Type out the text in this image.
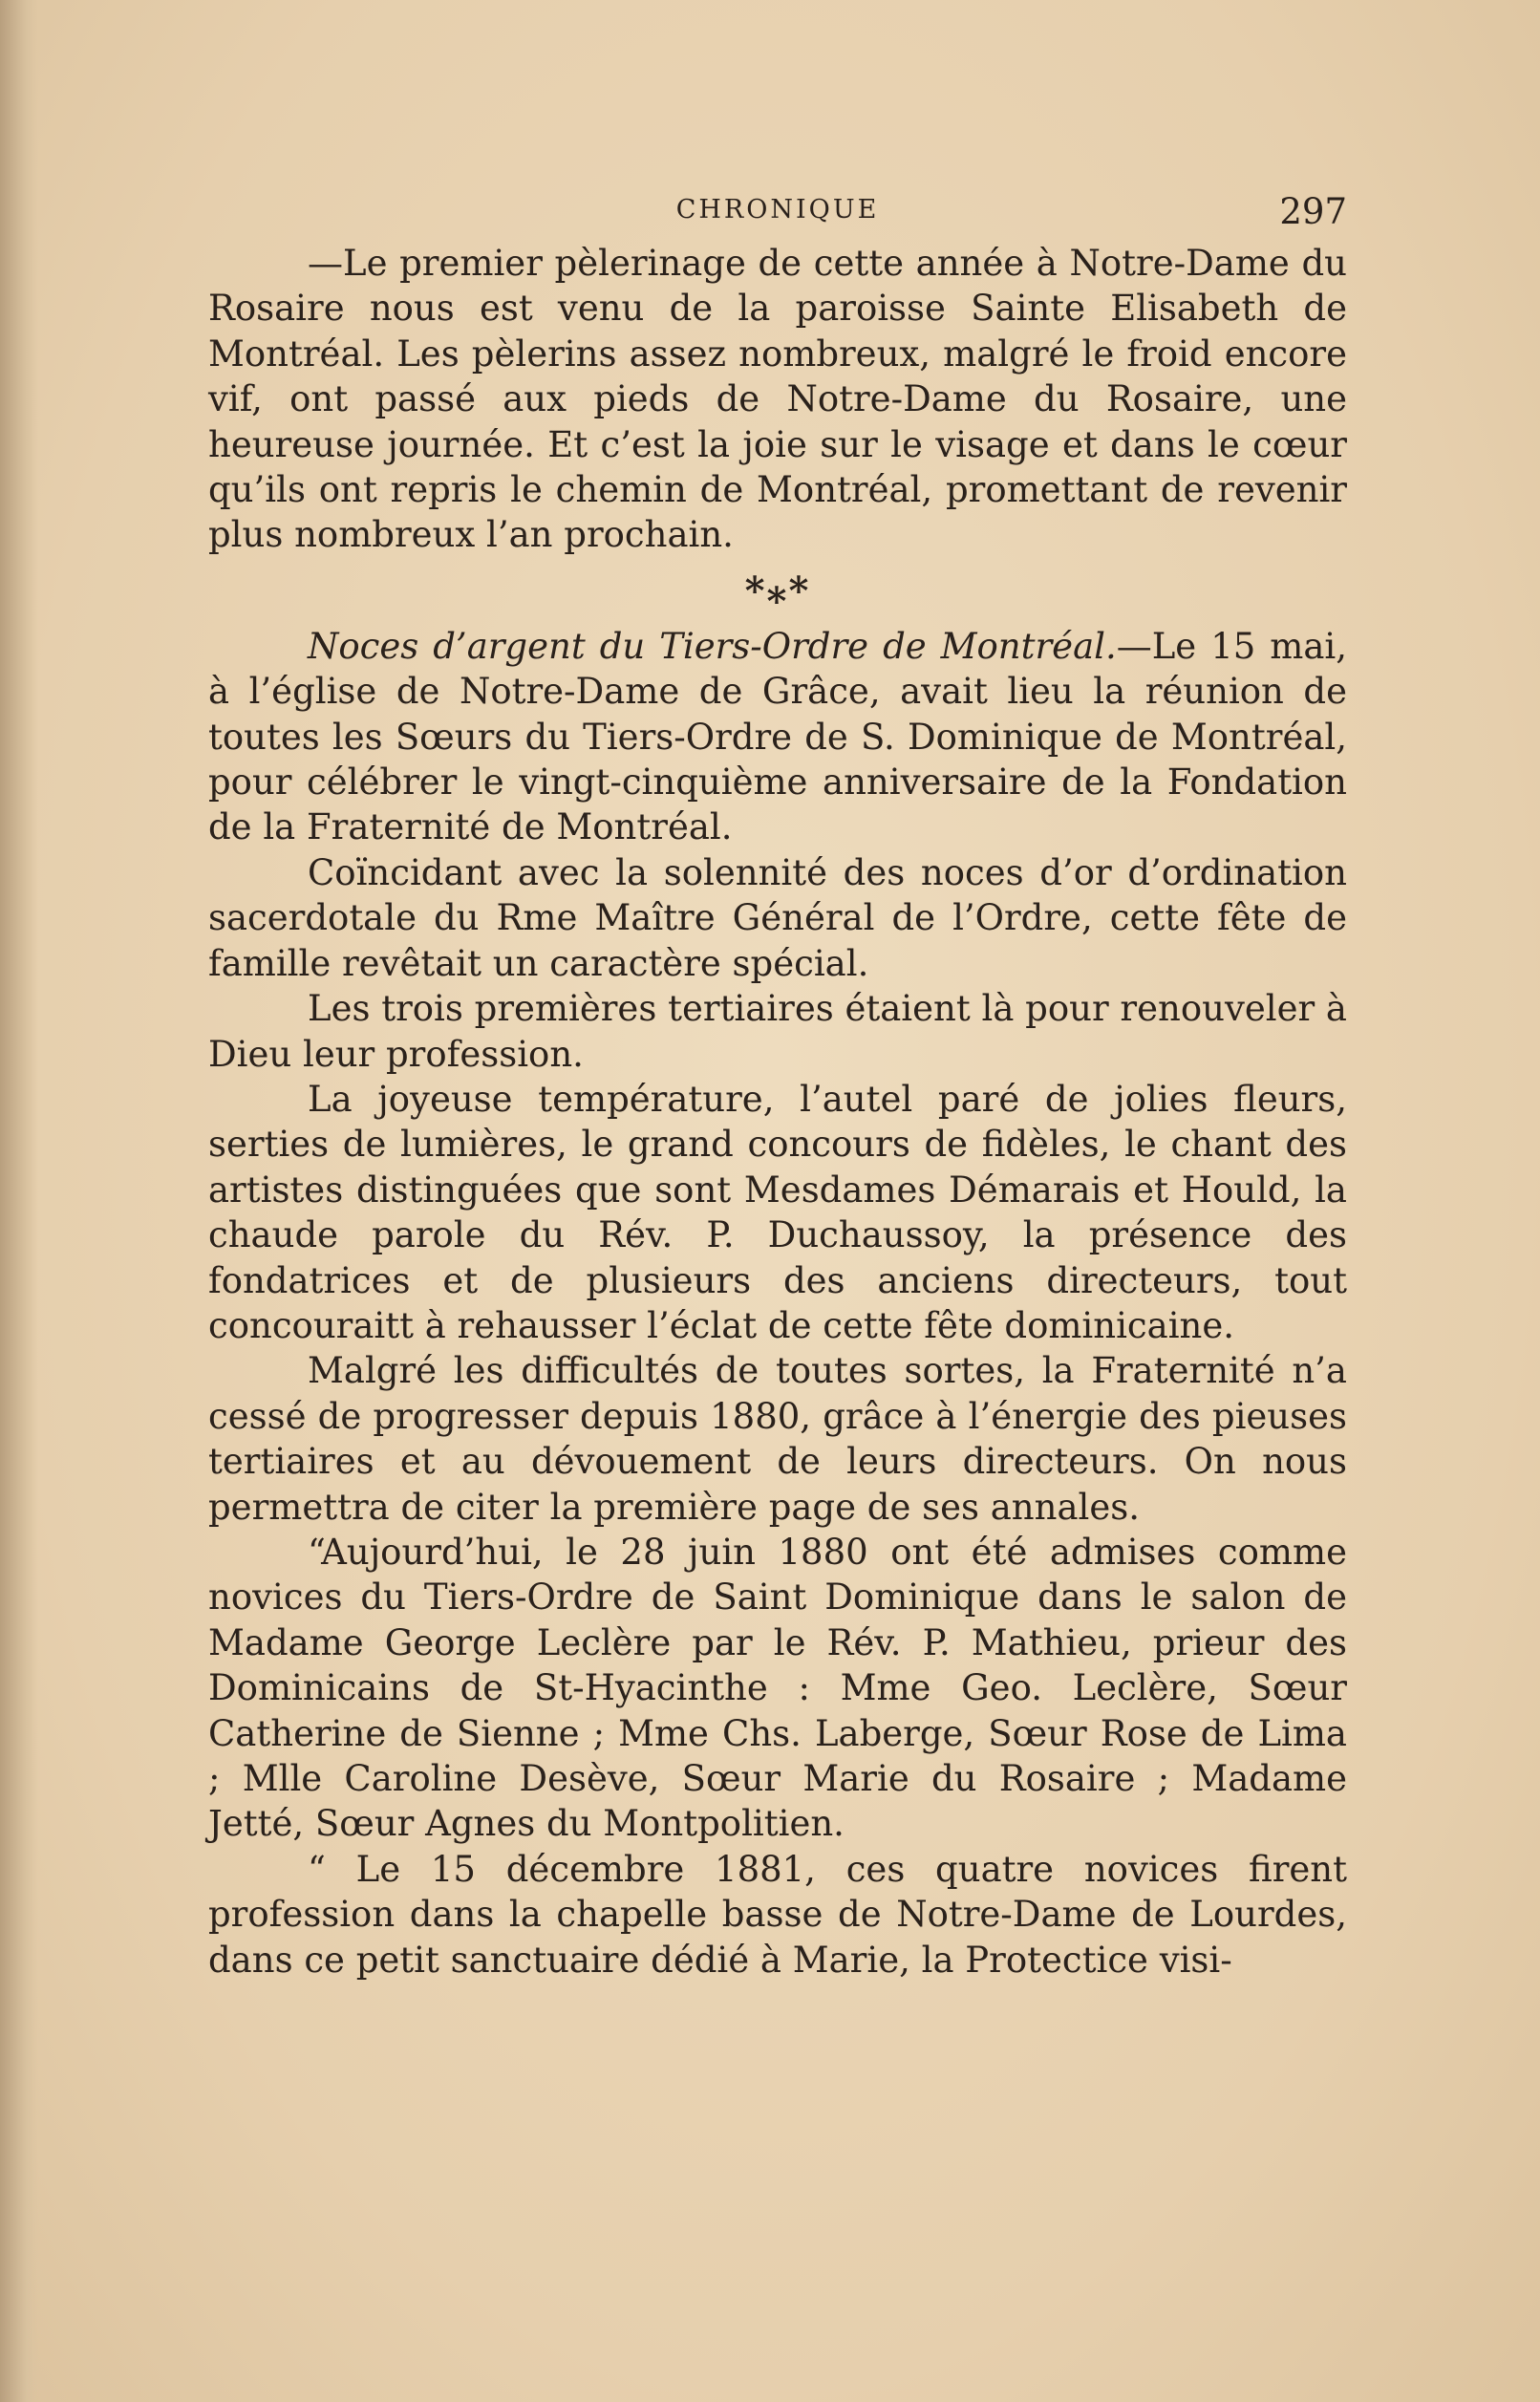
CHRONIQUE	297

—Le premier pèlerinage de cette année à Notre-Dame du Rosaire nous est venu de la paroisse Sainte Elisabeth de Montréal. Les pèlerins assez nombreux, malgré le froid encore vif, ont passé aux pieds de Notre-Dame du Rosaire, une heureuse journée. Et c’est la joie sur le visage et dans le cœur qu’ils ont repris le chemin de Montréal, promettant de revenir plus nombreux l’an prochain.

*⁎*

Noces d’argent du Tiers-Ordre de Montréal.—Le 15 mai, à l’église de Notre-Dame de Grâce, avait lieu la réunion de toutes les Sœurs du Tiers-Ordre de S. Dominique de Montréal, pour célébrer le vingt-cinquième anniversaire de la Fondation de la Fraternité de Montréal.

Coïncidant avec la solennité des noces d’or d’ordination sacerdotale du Rme Maître Général de l’Ordre, cette fête de famille revêtait un caractère spécial.

Les trois premières tertiaires étaient là pour renouveler à Dieu leur profession.

La joyeuse température, l’autel paré de jolies fleurs, serties de lumières, le grand concours de fidèles, le chant des artistes distinguées que sont Mesdames Démarais et Hould, la chaude parole du Rév. P. Duchaussoy, la présence des fondatrices et de plusieurs des anciens directeurs, tout concouraitt à rehausser l’éclat de cette fête dominicaine.

Malgré les difficultés de toutes sortes, la Fraternité n’a cessé de progresser depuis 1880, grâce à l’énergie des pieuses tertiaires et au dévouement de leurs directeurs. On nous permettra de citer la première page de ses annales.

“Aujourd’hui, le 28 juin 1880 ont été admises comme novices du Tiers-Ordre de Saint Dominique dans le salon de Madame George Leclère par le Rév. P. Mathieu, prieur des Dominicains de St-Hyacinthe : Mme Geo. Leclère, Sœur Catherine de Sienne ; Mme Chs. Laberge, Sœur Rose de Lima ; Mlle Caroline Desève, Sœur Marie du Rosaire ; Madame Jetté, Sœur Agnes du Montpolitien.

“ Le 15 décembre 1881, ces quatre novices firent profession dans la chapelle basse de Notre-Dame de Lourdes, dans ce petit sanctuaire dédié à Marie, la Protectice visi-
